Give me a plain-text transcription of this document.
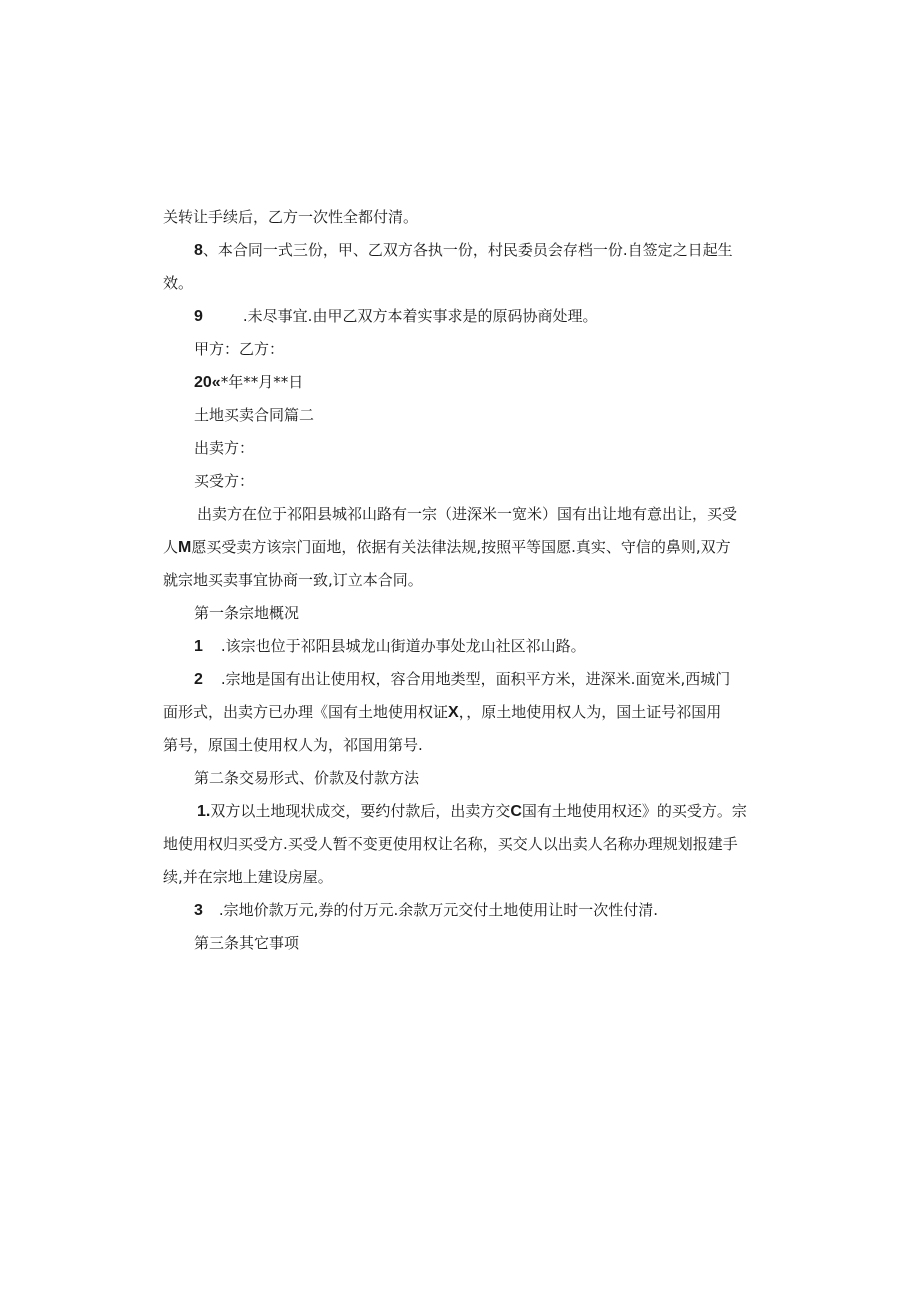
关转让手续后，乙方一次性全都付清。
8、本合同一式三份，甲、乙双方各执一份，村民委员会存档一份.自签定之日起生
效。
9	.未尽事宜.由甲乙双方本着实事求是的原码协商处理。
甲方：乙方：
20«*年**月**日
土地买卖合同篇二
出卖方：
买受方：
出卖方在位于祁阳县城祁山路有一宗（进深米一宽米）国有出让地有意出让，买受
人M愿买受卖方该宗门面地，依据有关法律法规,按照平等国愿.真实、守信的鼻则,双方
就宗地买卖事宜协商一致,订立本合同。
第一条宗地概况
1 .该宗也位于祁阳县城龙山街道办事处龙山社区祁山路。
2 .宗地是国有出让使用权，容合用地类型，面积平方米，进深米.面宽米,西城门
面形式，出卖方已办理《国有土地使用权证X，，原土地使用权人为，国土证号祁国用
第号，原国土使用权人为，祁国用第号.
第二条交易形式、价款及付款方法
1.双方以土地现状成交，要约付款后，出卖方交C国有土地使用权还》的买受方。宗
地使用权归买受方.买受人暂不变更使用权让名称，买交人以出卖人名称办理规划报建手
续,并在宗地上建设房屋。
3 .宗地价款万元,券的付万元.余款万元交付土地使用让时一次性付清.
第三条其它事项
